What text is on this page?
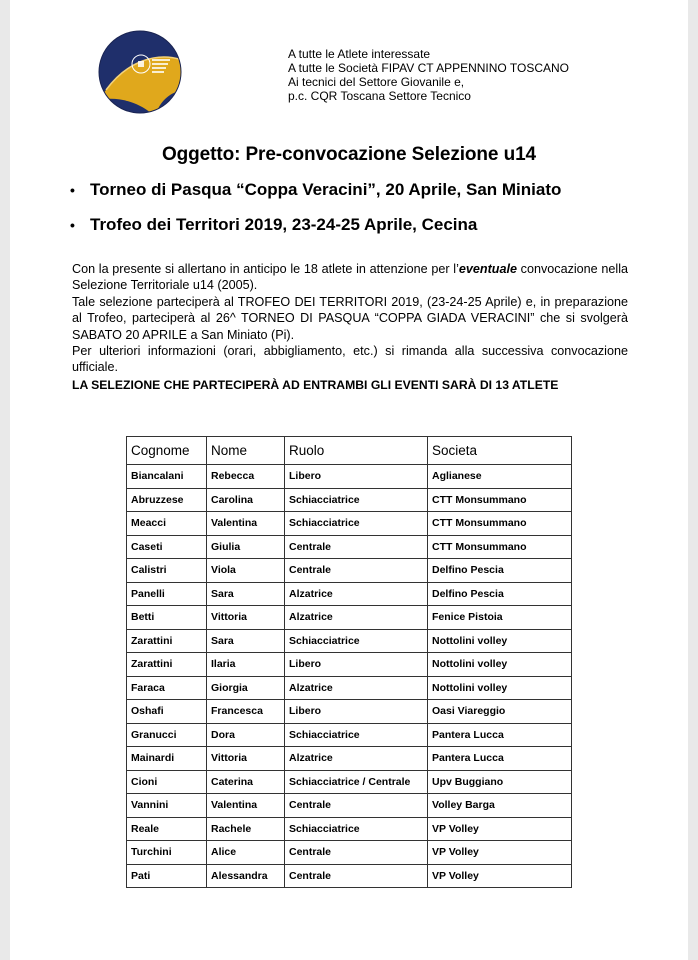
A tutte le Atlete interessate
A tutte le Società FIPAV CT APPENNINO TOSCANO
Ai tecnici del Settore Giovanile e,
p.c. CQR Toscana Settore Tecnico
Oggetto: Pre-convocazione Selezione u14
• Torneo di Pasqua “Coppa Veracini”, 20 Aprile, San Miniato
• Trofeo dei Territori 2019, 23-24-25 Aprile, Cecina

Con la presente si allertano in anticipo le 18 atlete in attenzione per l’eventuale convocazione nella Selezione Territoriale u14 (2005).

Tale selezione parteciperà al TROFEO DEI TERRITORI 2019, (23-24-25 Aprile) e, in preparazione al Trofeo, parteciperà al 26^ TORNEO DI PASQUA “COPPA GIADA VERACINI” che si svolgerà SABATO 20 APRILE a San Miniato (Pi).

Per ulteriori informazioni (orari, abbigliamento, etc.) si rimanda alla successiva convocazione ufficiale.

LA SELEZIONE CHE PARTECIPERÀ AD ENTRAMBI GLI EVENTI SARÀ DI 13 ATLETE
Cognome	Nome	Ruolo	Societa
Biancalani	Rebecca	Libero	Aglianese
Abruzzese	Carolina	Schiacciatrice	CTT Monsummano
Meacci	Valentina	Schiacciatrice	CTT Monsummano
Caseti	Giulia	Centrale	CTT Monsummano
Calistri	Viola	Centrale	Delfino Pescia
Panelli	Sara	Alzatrice	Delfino Pescia
Betti	Vittoria	Alzatrice	Fenice Pistoia
Zarattini	Sara	Schiacciatrice	Nottolini volley
Zarattini	Ilaria	Libero	Nottolini volley
Faraca	Giorgia	Alzatrice	Nottolini volley
Oshafi	Francesca	Libero	Oasi Viareggio
Granucci	Dora	Schiacciatrice	Pantera Lucca
Mainardi	Vittoria	Alzatrice	Pantera Lucca
Cioni	Caterina	Schiacciatrice / Centrale	Upv Buggiano
Vannini	Valentina	Centrale	Volley Barga
Reale	Rachele	Schiacciatrice	VP Volley
Turchini	Alice	Centrale	VP Volley
Pati	Alessandra	Centrale	VP Volley
